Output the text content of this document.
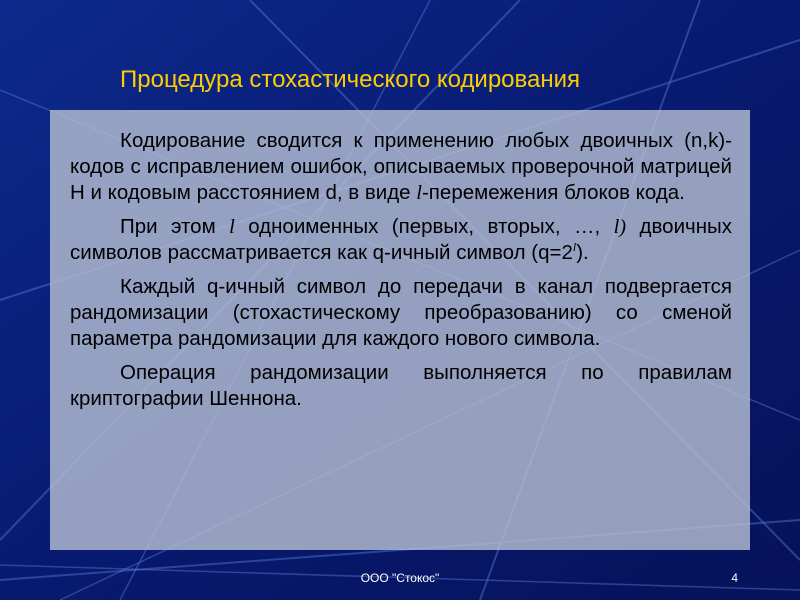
Процедура стохастического кодирования

Кодирование сводится к применению любых двоичных (n,k)-кодов с исправлением ошибок, описываемых проверочной матрицей H и кодовым расстоянием d, в виде l-перемежения блоков кода.

При этом l одноименных (первых, вторых, …, l) двоичных символов рассматривается как q-ичный символ $(q=2^l)$.

Каждый q-ичный символ до передачи в канал подвергается рандомизации (стохастическому преобразованию) со сменой параметра рандомизации для каждого нового символа.

Операция рандомизации выполняется по правилам криптографии Шеннона.

ООО "Стокос"	4
